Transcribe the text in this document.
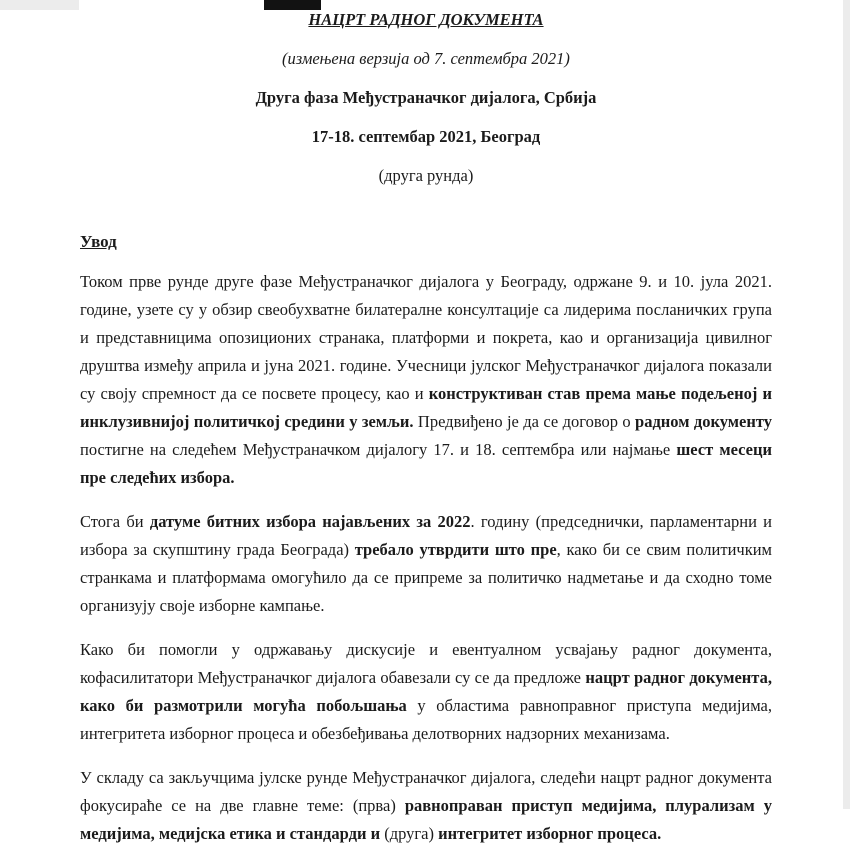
НАЦРТ РАДНОГ ДОКУМЕНТА

(измењена верзија од 7. септембра 2021)

Друга фаза Међустраначког дијалога, Србија

17-18. септембар 2021, Београд

(друга рунда)

Увод

Током прве рунде друге фазе Међустраначког дијалога у Београду, одржане 9. и 10. јула 2021. године, узете су у обзир свеобухватне билатералне консултације са лидерима посланичких група и представницима опозиционих странака, платформи и покрета, као и организација цивилног друштва између априла и јуна 2021. године. Учесници јулског Међустраначког дијалога показали су своју спремност да се посвете процесу, као и конструктиван став према мање подељеној и инклузивнијој политичкој средини у земљи. Предвиђено је да се договор о радном документу постигне на следећем Међустраначком дијалогу 17. и 18. септембра или најмање шест месеци пре следећих избора.

Стога би датуме битних избора најављених за 2022. годину (председнички, парламентарни и избора за скупштину града Београда) требало утврдити што пре, како би се свим политичким странкама и платформама омогућило да се припреме за политичко надметање и да сходно томе организују своје изборне кампање.

Како би помогли у одржавању дискусије и евентуалном усвајању радног документа, кофасилитатори Међустраначког дијалога обавезали су се да предложе нацрт радног документа, како би размотрили могућа побољшања у областима равноправног приступа медијима, интегритета изборног процеса и обезбеђивања делотворних надзорних механизама.

У складу са закључцима јулске рунде Међустраначког дијалога, следећи нацрт радног документа фокусираће се на две главне теме: (прва) равноправан приступ медијима, плурализам у медијима, медијска етика и стандарди и (друга) интегритет изборног процеса.
